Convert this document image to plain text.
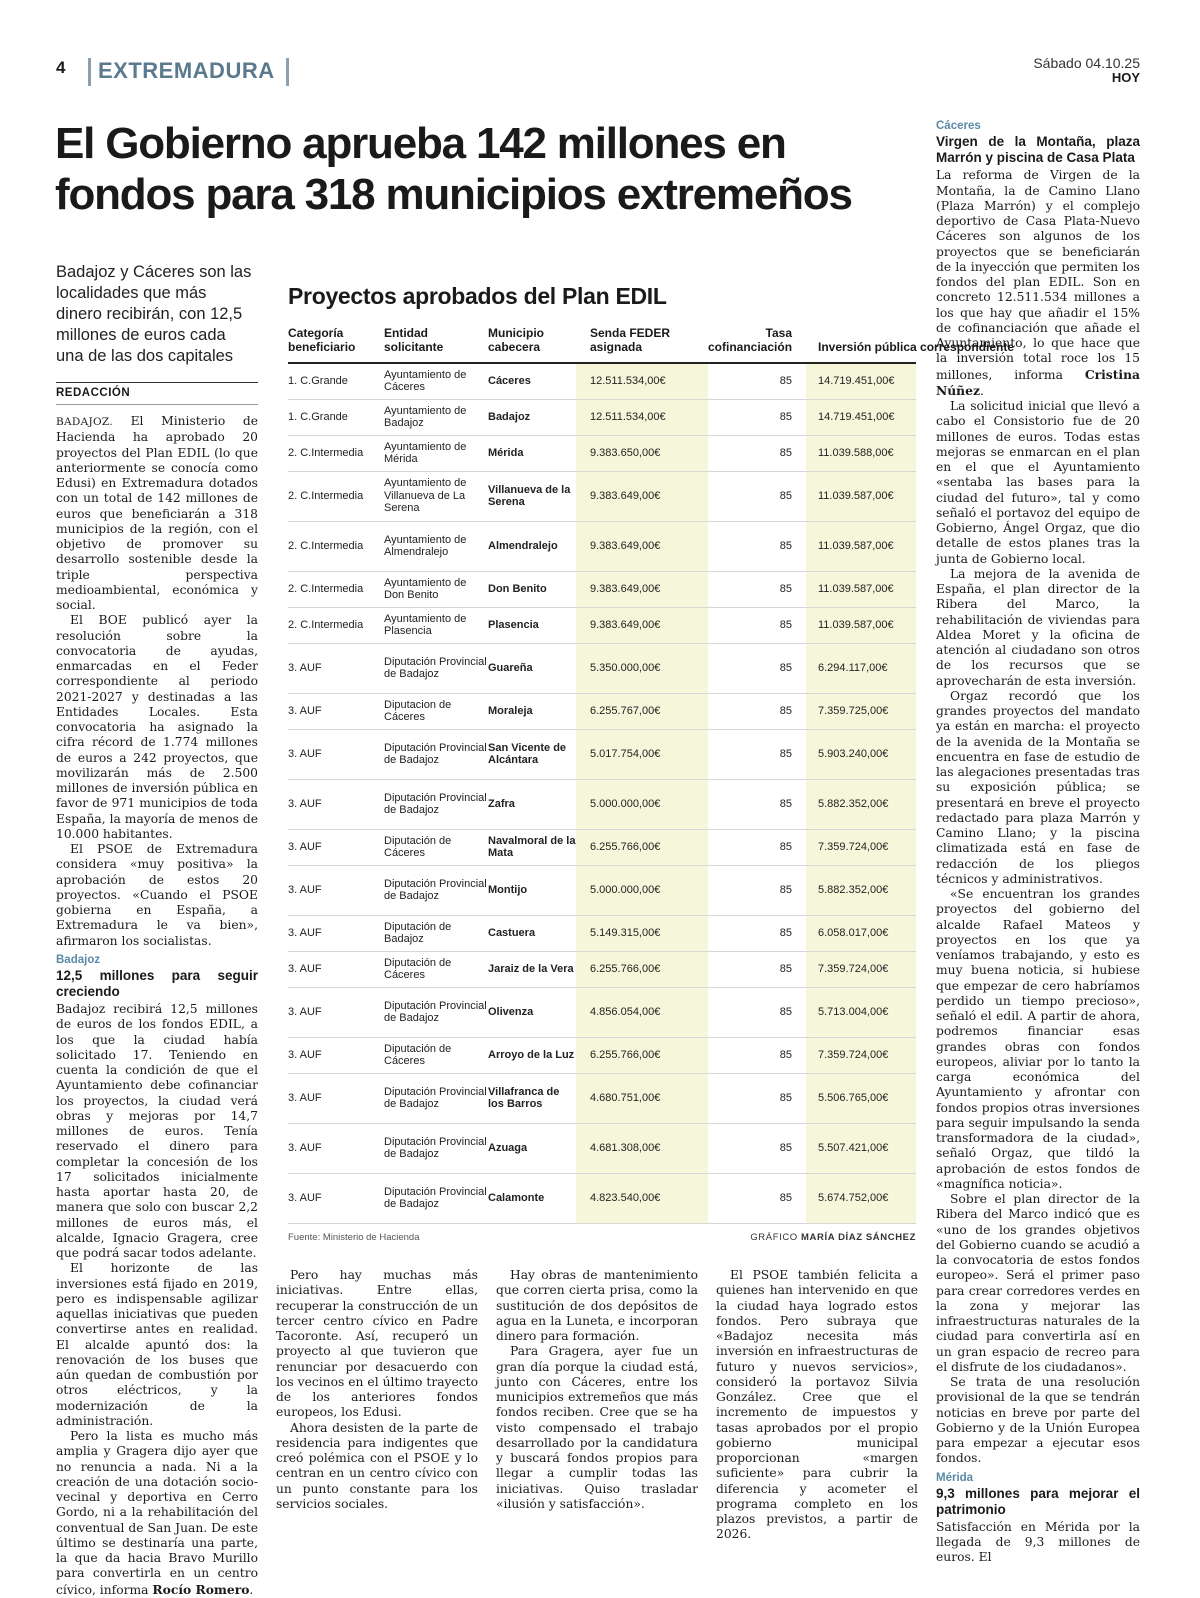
4 EXTREMADURA	Sábado 04.10.25
HOY
El Gobierno aprueba 142 millones en fondos para 318 municipios extremeños
Badajoz y Cáceres son las localidades que más dinero recibirán, con 12,5 millones de euros cada una de las dos capitales
REDACCIÓN

BADAJOZ. El Ministerio de Hacienda ha aprobado 20 proyectos del Plan EDIL (lo que anteriormente se conocía como Edusi) en Extremadura dotados con un total de 142 millones de euros que beneficiarán a 318 municipios de la región, con el objetivo de promover su desarrollo sostenible desde la triple perspectiva medioambiental, económica y social.

El BOE publicó ayer la resolución sobre la convocatoria de ayudas, enmarcadas en el Feder correspondiente al periodo 2021-2027 y destinadas a las Entidades Locales. Esta convocatoria ha asignado la cifra récord de 1.774 millones de euros a 242 proyectos, que movilizarán más de 2.500 millones de inversión pública en favor de 971 municipios de toda España, la mayoría de menos de 10.000 habitantes.

El PSOE de Extremadura considera «muy positiva» la aprobación de estos 20 proyectos. «Cuando el PSOE gobierna en España, a Extremadura le va bien», afirmaron los socialistas.

Badajoz
12,5 millones para seguir creciendo

Badajoz recibirá 12,5 millones de euros de los fondos EDIL, a los que la ciudad había solicitado 17. Teniendo en cuenta la condición de que el Ayuntamiento debe cofinanciar los proyectos, la ciudad verá obras y mejoras por 14,7 millones de euros. Tenía reservado el dinero para completar la concesión de los 17 solicitados inicialmente hasta aportar hasta 20, de manera que solo con buscar 2,2 millones de euros más, el alcalde, Ignacio Gragera, cree que podrá sacar todos adelante.

El horizonte de las inversiones está fijado en 2019, pero es indispensable agilizar aquellas iniciativas que pueden convertirse antes en realidad. El alcalde apuntó dos: la renovación de los buses que aún quedan de combustión por otros eléctricos, y la modernización de la administración.

Pero la lista es mucho más amplia y Gragera dijo ayer que no renuncia a nada. Ni a la creación de una dotación socio-vecinal y deportiva en Cerro Gordo, ni a la rehabilitación del conventual de San Juan. De este último se destinaría una parte, la que da hacia Bravo Murillo para convertirla en un centro cívico, informa Rocío Romero.

Proyectos aprobados del Plan EDIL
Categoría beneficiario	Entidad solicitante	Municipio cabecera	Senda FEDER asignada	Tasa cofinanciación	Inversión pública correspondiente
1. C.Grande	Ayuntamiento de Cáceres	Cáceres	12.511.534,00€	85	14.719.451,00€
1. C.Grande	Ayuntamiento de Badajoz	Badajoz	12.511.534,00€	85	14.719.451,00€
2. C.Intermedia	Ayuntamiento de Mérida	Mérida	9.383.650,00€	85	11.039.588,00€
2. C.Intermedia	Ayuntamiento de Villanueva de La Serena	Villanueva de la Serena	9.383.649,00€	85	11.039.587,00€
2. C.Intermedia	Ayuntamiento de Almendralejo	Almendralejo	9.383.649,00€	85	11.039.587,00€
2. C.Intermedia	Ayuntamiento de Don Benito	Don Benito	9.383.649,00€	85	11.039.587,00€
2. C.Intermedia	Ayuntamiento de Plasencia	Plasencia	9.383.649,00€	85	11.039.587,00€
3. AUF	Diputación Provincial de Badajoz	Guareña	5.350.000,00€	85	6.294.117,00€
3. AUF	Diputacion de Cáceres	Moraleja	6.255.767,00€	85	7.359.725,00€
3. AUF	Diputación Provincial de Badajoz	San Vicente de Alcántara	5.017.754,00€	85	5.903.240,00€
3. AUF	Diputación Provincial de Badajoz	Zafra	5.000.000,00€	85	5.882.352,00€
3. AUF	Diputación de Cáceres	Navalmoral de la Mata	6.255.766,00€	85	7.359.724,00€
3. AUF	Diputación Provincial de Badajoz	Montijo	5.000.000,00€	85	5.882.352,00€
3. AUF	Diputación de Badajoz	Castuera	5.149.315,00€	85	6.058.017,00€
3. AUF	Diputación de Cáceres	Jaraiz de la Vera	6.255.766,00€	85	7.359.724,00€
3. AUF	Diputación Provincial de Badajoz	Olivenza	4.856.054,00€	85	5.713.004,00€
3. AUF	Diputación de Cáceres	Arroyo de la Luz	6.255.766,00€	85	7.359.724,00€
3. AUF	Diputación Provincial de Badajoz	Villafranca de los Barros	4.680.751,00€	85	5.506.765,00€
3. AUF	Diputación Provincial de Badajoz	Azuaga	4.681.308,00€	85	5.507.421,00€
3. AUF	Diputación Provincial de Badajoz	Calamonte	4.823.540,00€	85	5.674.752,00€
Fuente: Ministerio de Hacienda	GRÁFICO MARÍA DÍAZ SÁNCHEZ

Pero hay muchas más iniciativas. Entre ellas, recuperar la construcción de un tercer centro cívico en Padre Tacoronte. Así, recuperó un proyecto al que tuvieron que renunciar por desacuerdo con los vecinos en el último trayecto de los anteriores fondos europeos, los Edusi.

Ahora desisten de la parte de residencia para indigentes que creó polémica con el PSOE y lo centran en un centro cívico con un punto constante para los servicios sociales.

Hay obras de mantenimiento que corren cierta prisa, como la sustitución de dos depósitos de agua en la Luneta, e incorporan dinero para formación.

Para Gragera, ayer fue un gran día porque la ciudad está, junto con Cáceres, entre los municipios extremeños que más fondos reciben. Cree que se ha visto compensado el trabajo desarrollado por la candidatura y buscará fondos propios para llegar a cumplir todas las iniciativas. Quiso trasladar «ilusión y satisfacción».

El PSOE también felicita a quienes han intervenido en que la ciudad haya logrado estos fondos. Pero subraya que «Badajoz necesita más inversión en infraestructuras de futuro y nuevos servicios», consideró la portavoz Silvia González. Cree que el incremento de impuestos y tasas aprobados por el propio gobierno municipal proporcionan «margen suficiente» para cubrir la diferencia y acometer el programa completo en los plazos previstos, a partir de 2026.

Cáceres
Virgen de la Montaña, plaza Marrón y piscina de Casa Plata

La reforma de Virgen de la Montaña, la de Camino Llano (Plaza Marrón) y el complejo deportivo de Casa Plata-Nuevo Cáceres son algunos de los proyectos que se beneficiarán de la inyección que permiten los fondos del plan EDIL. Son en concreto 12.511.534 millones a los que hay que añadir el 15% de cofinanciación que añade el Ayuntamiento, lo que hace que la inversión total roce los 15 millones, informa Cristina Núñez.

La solicitud inicial que llevó a cabo el Consistorio fue de 20 millones de euros. Todas estas mejoras se enmarcan en el plan en el que el Ayuntamiento «sentaba las bases para la ciudad del futuro», tal y como señaló el portavoz del equipo de Gobierno, Ángel Orgaz, que dio detalle de estos planes tras la junta de Gobierno local.

La mejora de la avenida de España, el plan director de la Ribera del Marco, la rehabilitación de viviendas para Aldea Moret y la oficina de atención al ciudadano son otros de los recursos que se aprovecharán de esta inversión.

Orgaz recordó que los grandes proyectos del mandato ya están en marcha: el proyecto de la avenida de la Montaña se encuentra en fase de estudio de las alegaciones presentadas tras su exposición pública; se presentará en breve el proyecto redactado para plaza Marrón y Camino Llano; y la piscina climatizada está en fase de redacción de los pliegos técnicos y administrativos.

«Se encuentran los grandes proyectos del gobierno del alcalde Rafael Mateos y proyectos en los que ya veníamos trabajando, y esto es muy buena noticia, si hubiese que empezar de cero habríamos perdido un tiempo precioso», señaló el edil. A partir de ahora, podremos financiar esas grandes obras con fondos europeos, aliviar por lo tanto la carga económica del Ayuntamiento y afrontar con fondos propios otras inversiones para seguir impulsando la senda transformadora de la ciudad», señaló Orgaz, que tildó la aprobación de estos fondos de «magnífica noticia».

Sobre el plan director de la Ribera del Marco indicó que es «uno de los grandes objetivos del Gobierno cuando se acudió a la convocatoria de estos fondos europeo». Será el primer paso para crear corredores verdes en la zona y mejorar las infraestructuras naturales de la ciudad para convertirla así en un gran espacio de recreo para el disfrute de los ciudadanos».

Se trata de una resolución provisional de la que se tendrán noticias en breve por parte del Gobierno y de la Unión Europea para empezar a ejecutar esos fondos.

Mérida
9,3 millones para mejorar el patrimonio

Satisfacción en Mérida por la llegada de 9,3 millones de euros. El
